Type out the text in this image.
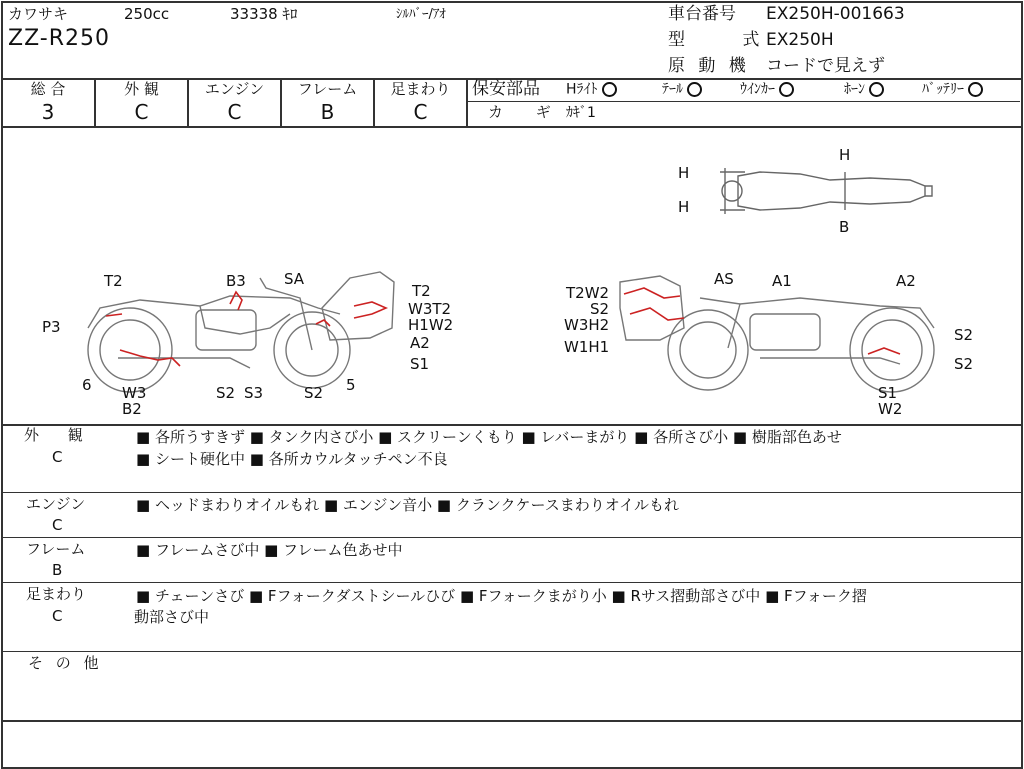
カワサキ	250cc	33338 ｷﾛ	ｼﾙﾊﾞｰ/ｱｵ
ZZ-R250
車台番号 EX250H-001663
型 式
EX250H
原 動 機 コードで見えず
総 合	外 観	エンジン	フレーム	足まわり
3	C	C	B	C
保安部品 Hﾗｲﾄ	ﾃｰﾙ	ｳｲﾝｶｰ	ﾎｰﾝ	ﾊﾞｯﾃﾘｰ
カ ギ ｶｷﾞ1
H
H
H
B
T2	B3	SA
T2
W3T2
H1W2
A2
S1
P3
6 W3
B2
S2 S3	S2 5
AS	A1	A2
T2W2
S2
W3H2
W1H1
S2
S2
S1
W2
外 観
C
■ 各所うすきず ■ タンク内さび小 ■ スクリーンくもり ■ レバーまがり ■ 各所さび小 ■ 樹脂部色あせ
■ シート硬化中 ■ 各所カウルタッチペン不良
エンジン
C
■ ヘッドまわりオイルもれ ■ エンジン音小 ■ クランクケースまわりオイルもれ
フレーム
B
■ フレームさび中 ■ フレーム色あせ中
足まわり
C
■ チェーンさび ■ Fフォークダストシールひび ■ Fフォークまがり小 ■ Rサス摺動部さび中 ■ Fフォーク摺
動部さび中
そ の 他
